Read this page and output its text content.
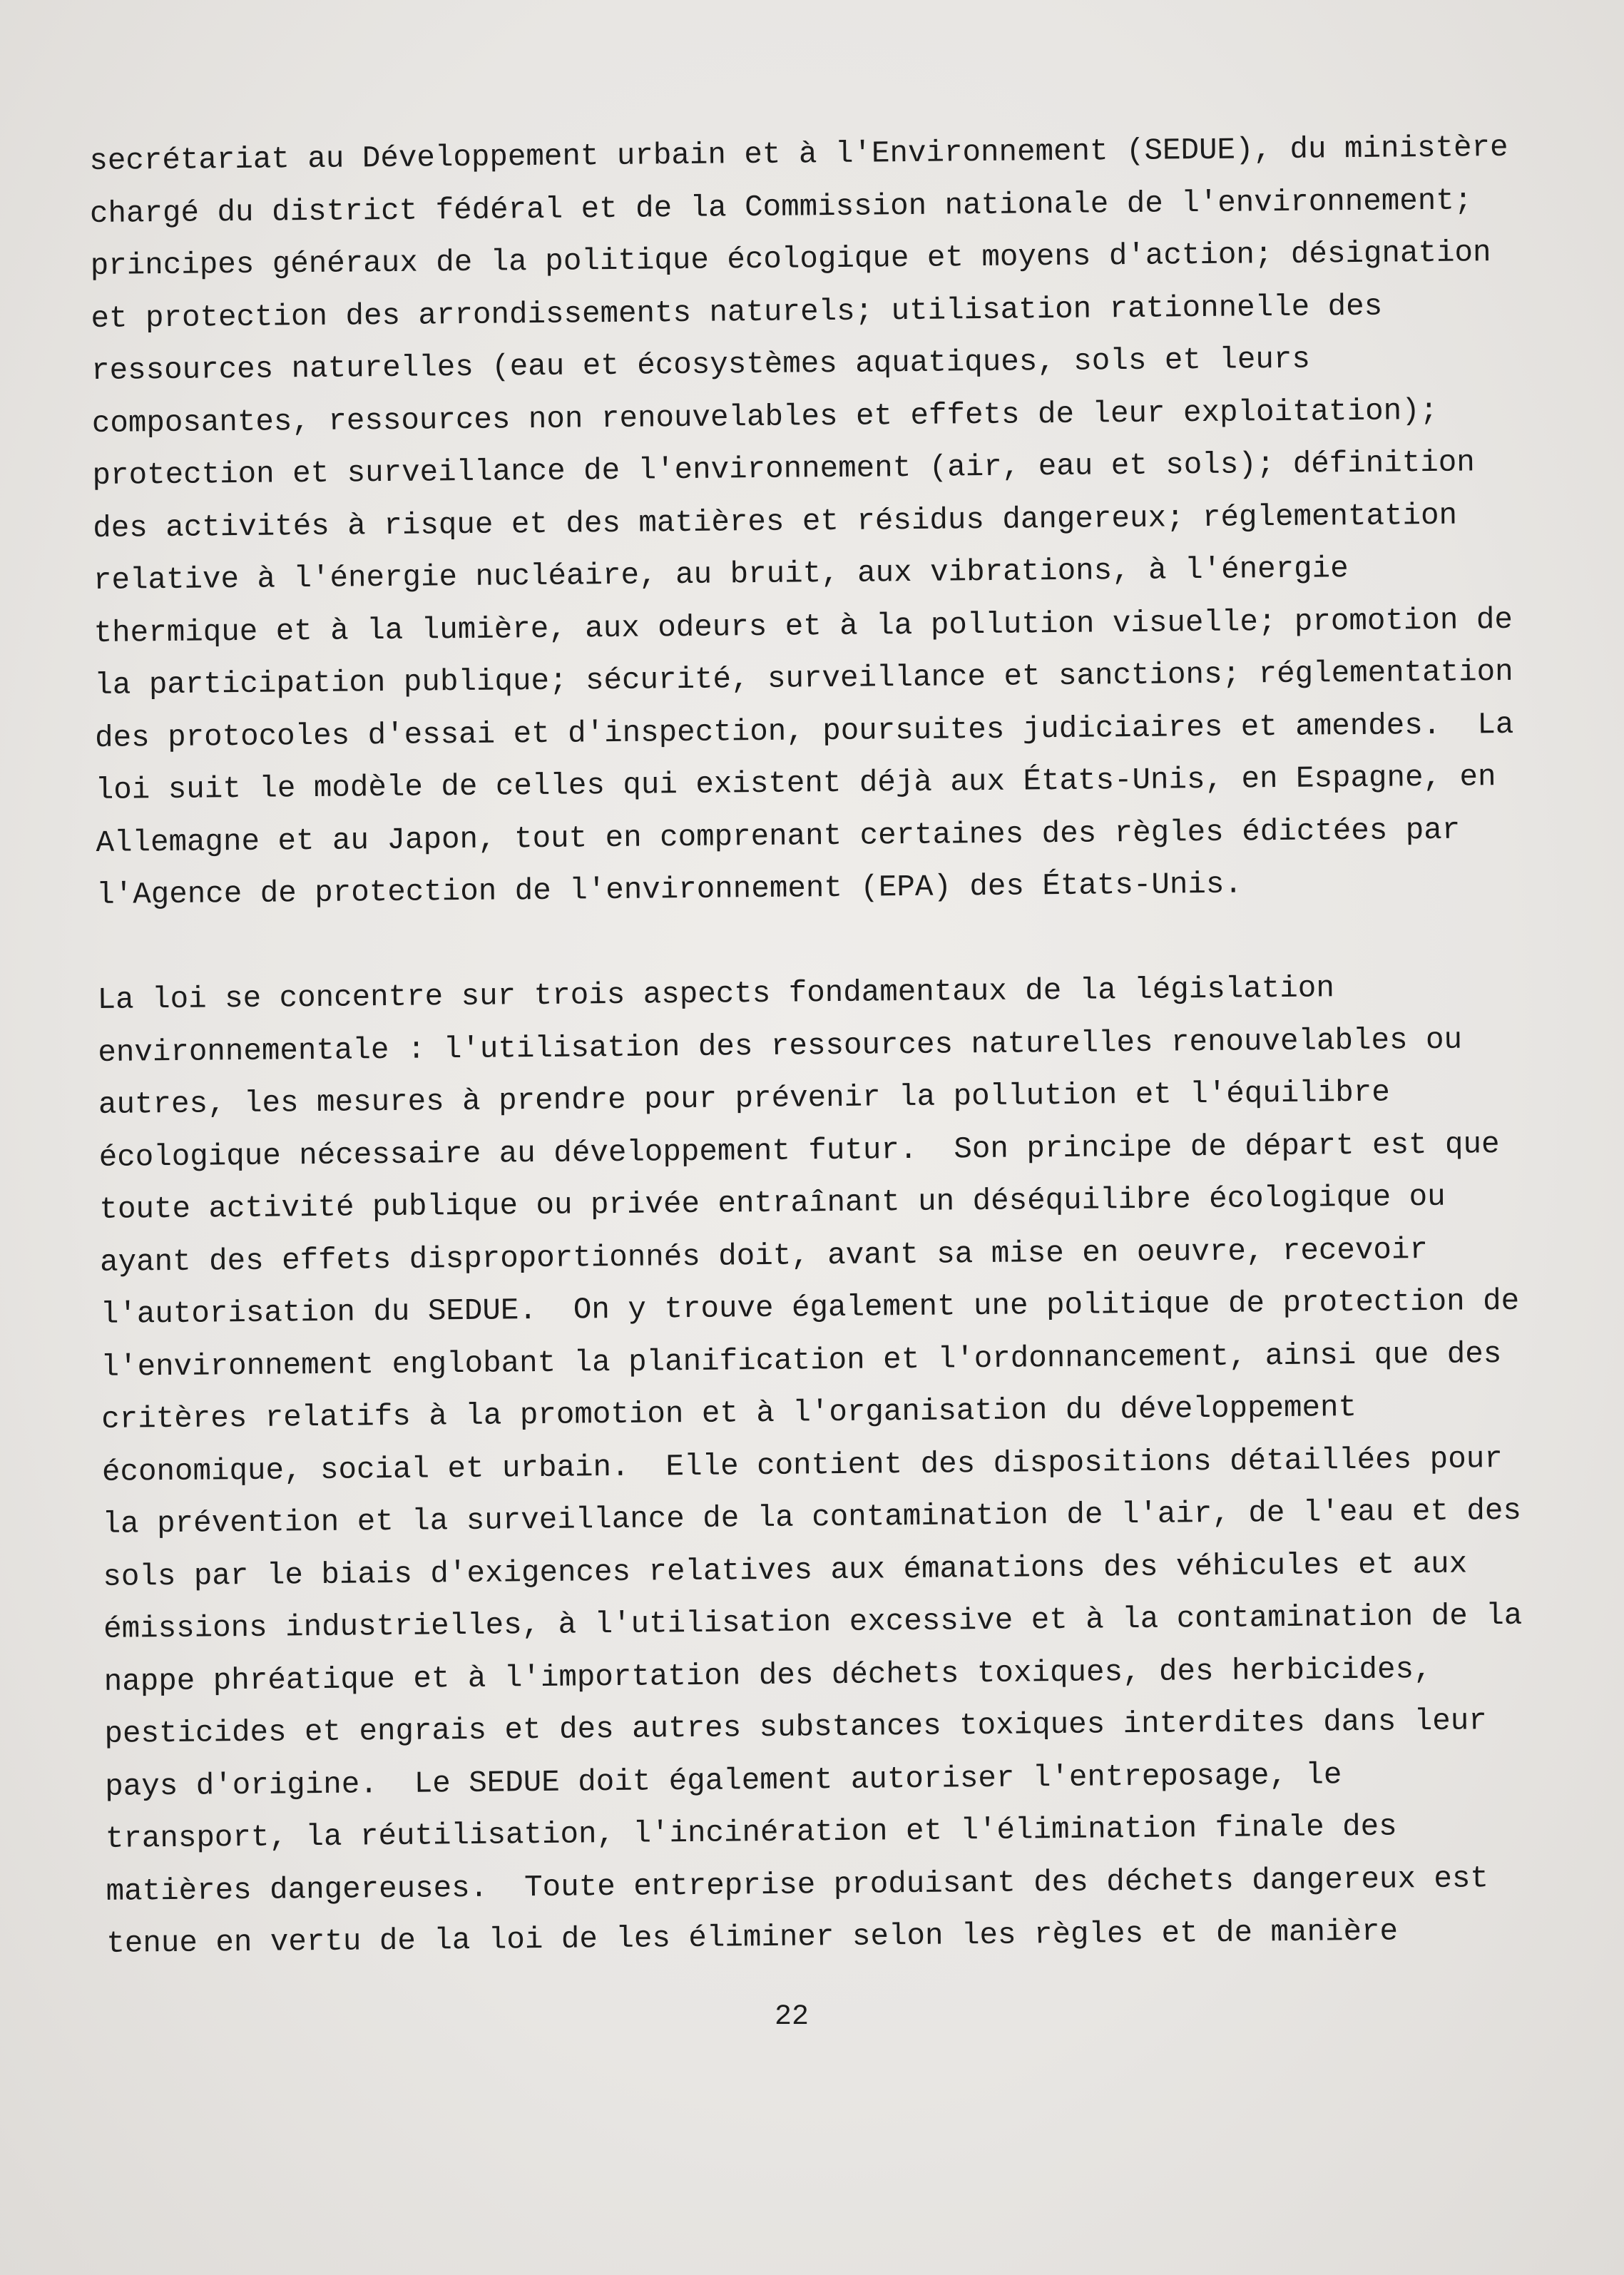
secrétariat au Développement urbain et à l'Environnement (SEDUE), du ministère
chargé du district fédéral et de la Commission nationale de l'environnement;
principes généraux de la politique écologique et moyens d'action; désignation
et protection des arrondissements naturels; utilisation rationnelle des
ressources naturelles (eau et écosystèmes aquatiques, sols et leurs
composantes, ressources non renouvelables et effets de leur exploitation);
protection et surveillance de l'environnement (air, eau et sols); définition
des activités à risque et des matières et résidus dangereux; réglementation
relative à l'énergie nucléaire, au bruit, aux vibrations, à l'énergie
thermique et à la lumière, aux odeurs et à la pollution visuelle; promotion de
la participation publique; sécurité, surveillance et sanctions; réglementation
des protocoles d'essai et d'inspection, poursuites judiciaires et amendes.  La
loi suit le modèle de celles qui existent déjà aux États-Unis, en Espagne, en
Allemagne et au Japon, tout en comprenant certaines des règles édictées par
l'Agence de protection de l'environnement (EPA) des États-Unis.
La loi se concentre sur trois aspects fondamentaux de la législation
environnementale : l'utilisation des ressources naturelles renouvelables ou
autres, les mesures à prendre pour prévenir la pollution et l'équilibre
écologique nécessaire au développement futur.  Son principe de départ est que
toute activité publique ou privée entraînant un déséquilibre écologique ou
ayant des effets disproportionnés doit, avant sa mise en oeuvre, recevoir
l'autorisation du SEDUE.  On y trouve également une politique de protection de
l'environnement englobant la planification et l'ordonnancement, ainsi que des
critères relatifs à la promotion et à l'organisation du développement
économique, social et urbain.  Elle contient des dispositions détaillées pour
la prévention et la surveillance de la contamination de l'air, de l'eau et des
sols par le biais d'exigences relatives aux émanations des véhicules et aux
émissions industrielles, à l'utilisation excessive et à la contamination de la
nappe phréatique et à l'importation des déchets toxiques, des herbicides,
pesticides et engrais et des autres substances toxiques interdites dans leur
pays d'origine.  Le SEDUE doit également autoriser l'entreposage, le
transport, la réutilisation, l'incinération et l'élimination finale des
matières dangereuses.  Toute entreprise produisant des déchets dangereux est
tenue en vertu de la loi de les éliminer selon les règles et de manière
22
